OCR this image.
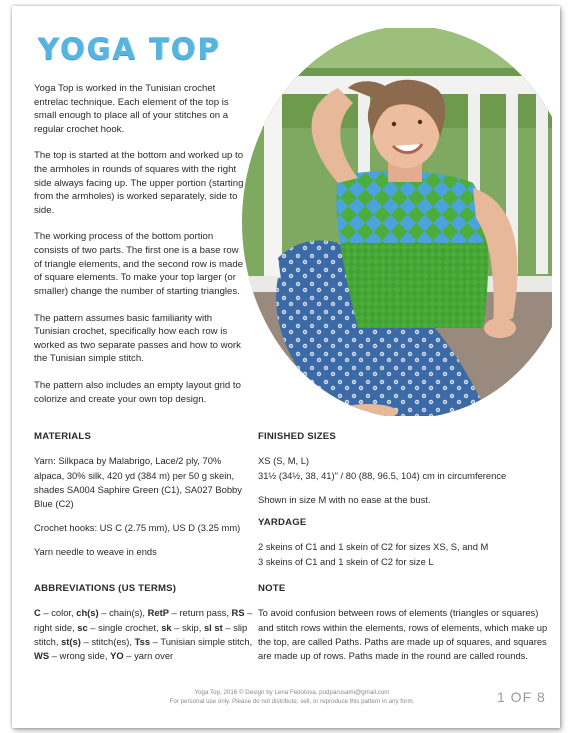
YOGA TOP

Yoga Top is worked in the Tunisian crochet entrelac technique. Each element of the top is small enough to place all of your stitches on a regular crochet hook.

The top is started at the bottom and worked up to the armholes in rounds of squares with the right side always facing up. The upper portion (starting from the armholes) is worked separately, side to side.

The working process of the bottom portion consists of two parts. The first one is a base row of triangle elements, and the second row is made of square elements. To make your top larger (or smaller) change the number of starting triangles.

The pattern assumes basic familiarity with Tunisian crochet, specifically how each row is worked as two separate passes and how to work the Tunisian simple stitch.

The pattern also includes an empty layout grid to colorize and create your own top design.

MATERIALS

Yarn: Silkpaca by Malabrigo, Lace/2 ply, 70% alpaca, 30% silk, 420 yd (384 m) per 50 g skein, shades SA004 Saphire Green (C1), SA027 Bobby Blue (C2)

Crochet hooks: US C (2.75 mm), US D (3.25 mm)

Yarn needle to weave in ends

ABBREVIATIONS (US TERMS)

C – color, ch(s) – chain(s), RetP – return pass, RS – right side, sc – single crochet, sk – skip, sl st – slip stitch, st(s) – stitch(es), Tss – Tunisian simple stitch, WS – wrong side, YO – yarn over

FINISHED SIZES

XS (S, M, L)

31½ (34½, 38, 41)" / 80 (88, 96.5, 104) cm in circumference

Shown in size M with no ease at the bust.

YARDAGE

2 skeins of C1 and 1 skein of C2 for sizes XS, S, and M

3 skeins of C1 and 1 skein of C2 for size L

NOTE

To avoid confusion between rows of elements (triangles or squares) and stitch rows within the elements, rows of elements, which make up the top, are called Paths. Paths are made up of squares, and squares are made up of rows. Paths made in the round are called rounds.

Yoga Top, 2016 © Design by Lena Fedotova, podparusami@gmail.com
For personal use only. Please do not distribute, sell, or reproduce this pattern in any form.	1 OF 8
